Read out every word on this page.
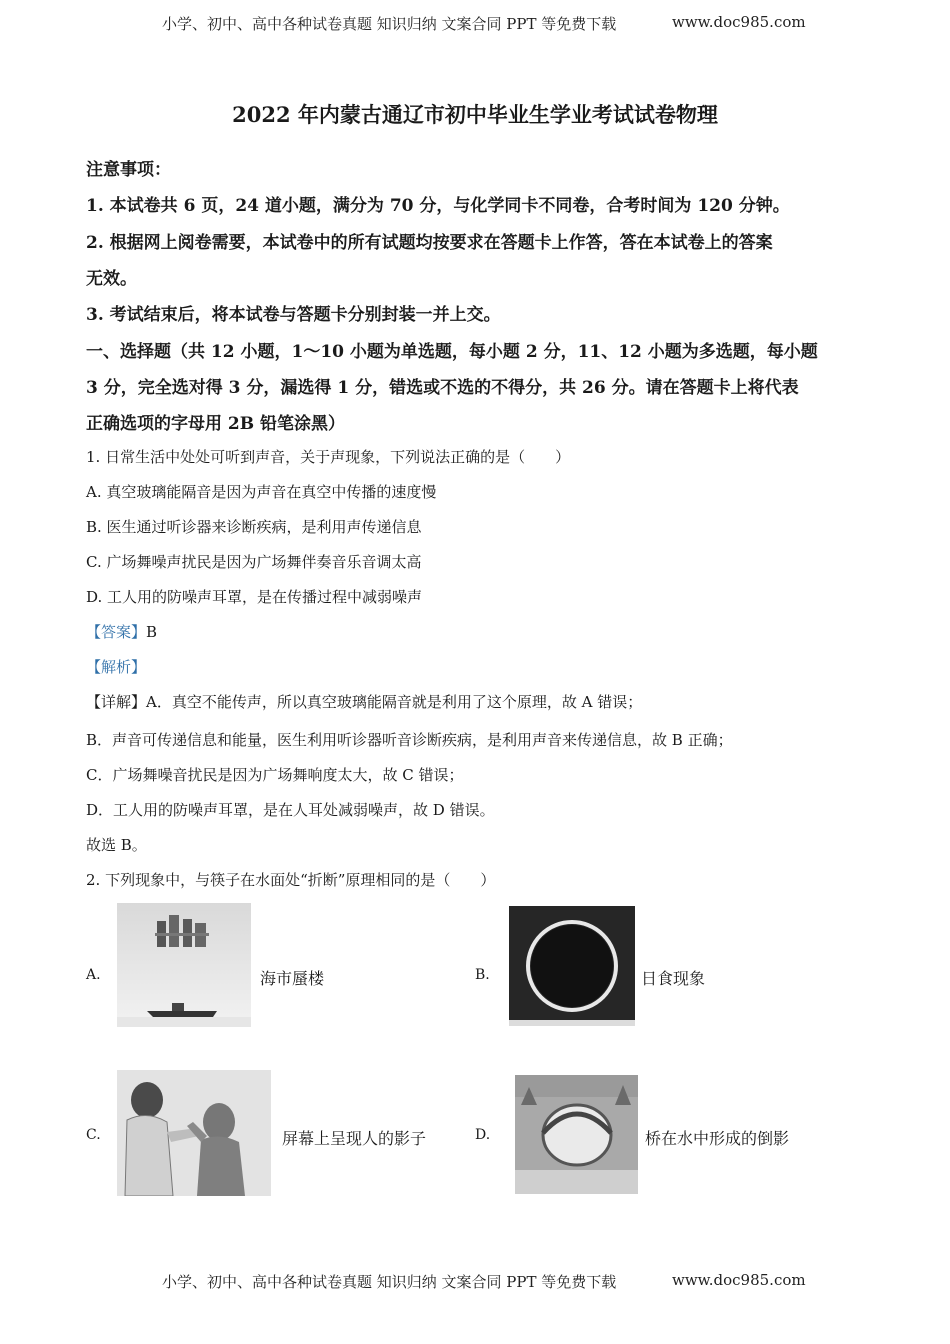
小学、初中、高中各种试卷真题 知识归纳 文案合同 PPT 等免费下载	www.doc985.com
2022 年内蒙古通辽市初中毕业生学业考试试卷物理
注意事项：
1. 本试卷共 6 页，24 道小题，满分为 70 分，与化学同卡不同卷，合考时间为 120 分钟。
2. 根据网上阅卷需要，本试卷中的所有试题均按要求在答题卡上作答，答在本试卷上的答案
无效。
3. 考试结束后，将本试卷与答题卡分别封装一并上交。
一、选择题（共 12 小题，1～10 小题为单选题，每小题 2 分，11、12 小题为多选题，每小题
3 分，完全选对得 3 分，漏选得 1 分，错选或不选的不得分，共 26 分。请在答题卡上将代表
正确选项的字母用 2B 铅笔涂黑）
1. 日常生活中处处可听到声音，关于声现象，下列说法正确的是（　　）
A. 真空玻璃能隔音是因为声音在真空中传播的速度慢
B. 医生通过听诊器来诊断疾病，是利用声传递信息
C. 广场舞噪声扰民是因为广场舞伴奏音乐音调太高
D. 工人用的防噪声耳罩，是在传播过程中减弱噪声
【答案】B
【解析】
【详解】A．真空不能传声，所以真空玻璃能隔音就是利用了这个原理，故 A 错误；
B．声音可传递信息和能量，医生利用听诊器听音诊断疾病，是利用声音来传递信息，故 B 正确；
C．广场舞噪音扰民是因为广场舞响度太大，故 C 错误；
D．工人用的防噪声耳罩，是在人耳处减弱噪声，故 D 错误。
故选 B。
2. 下列现象中，与筷子在水面处“折断”原理相同的是（　　）
A.	海市蜃楼	B.	日食现象
C.	屏幕上呈现人的影子	D.	桥在水中形成的倒影
小学、初中、高中各种试卷真题 知识归纳 文案合同 PPT 等免费下载	www.doc985.com
